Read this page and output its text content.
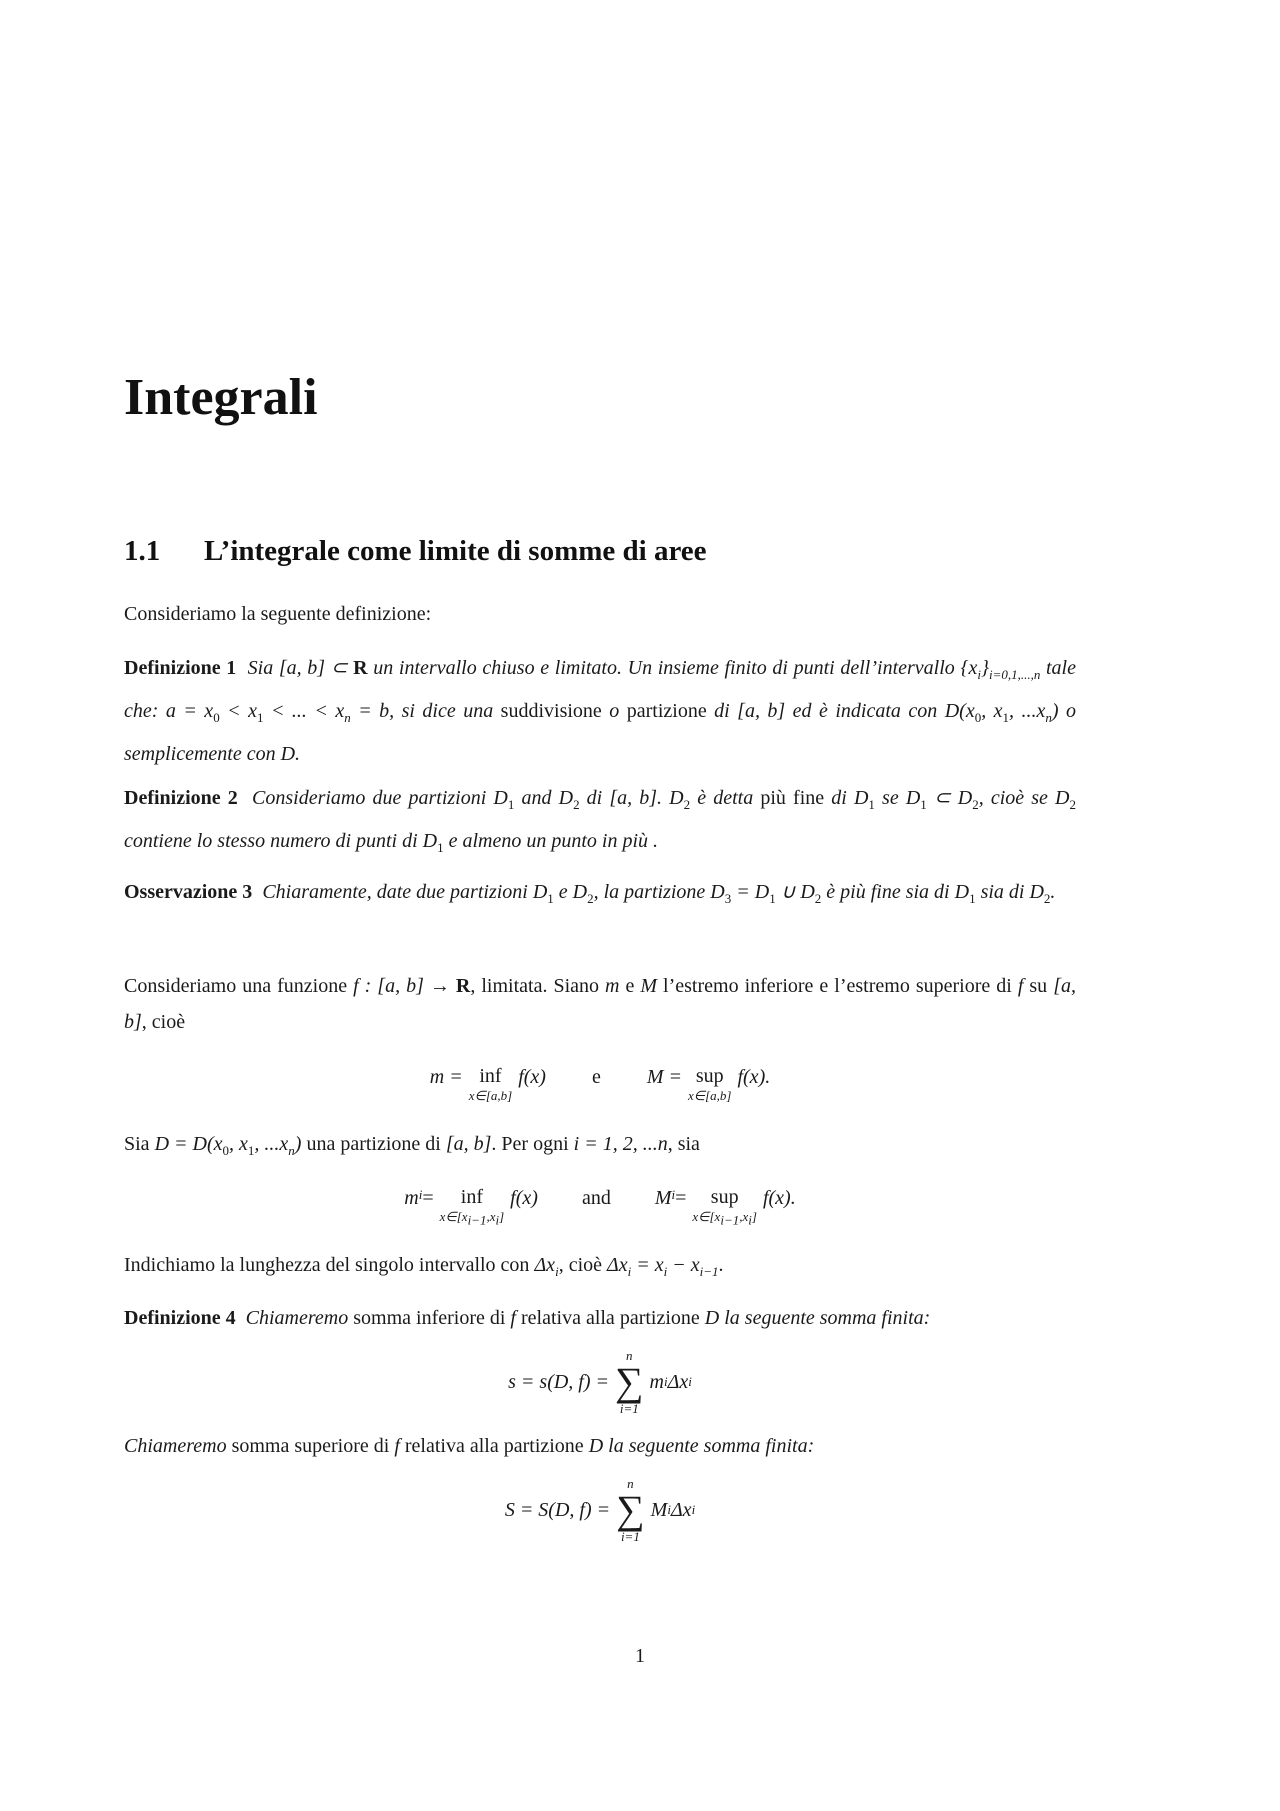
Integrali
1.1 L’integrale come limite di somme di aree

Consideriamo la seguente definizione:

Definizione 1 Sia [a, b] ⊂ R un intervallo chiuso e limitato. Un insieme finito di punti dell’intervallo $\{x_i\}_{i=0,1,...,n}$ tale che: $a = x_0 < x_1$ < ... < $x_n = b$, si dice una suddivisione o partizione di [a, b] ed è indicata con $D(x_0$, $x_1$, $...x_n$) o semplicemente con D.

Definizione 2 Consideriamo due partizioni $D_1$ and $D_2$ di [a, b]. $D_2$ è detta più fine di $D_1$ se $D_1$ ⊂ $D_2$, cioè se $D_2$ contiene lo stesso numero di punti di $D_1$ e almeno un punto in più .

Osservazione 3 Chiaramente, date due partizioni $D_1$ e $D_2$, la partizione $D_3 = D_1$ ∪ $D_2$ è più fine sia di $D_1$ sia di $D_2$.

Consideriamo una funzione f : [a, b] → R, limitata. Siano m e M l’estremo inferiore e l’estremo superiore di f su [a, b], cioè

m = inf
x∈[a,b]
f(x) e M = sup
x∈[a,b]
f(x).

Sia $D = D(x_0$, $x_1$, $...x_n$) una partizione di [a, b]. Per ogni i = 1, 2, ...n, sia

m i = inf
$x\in[x_{i-1},x_i]$
f(x) and M i = sup
$x\in[x_{i-1},x_i]$
f(x).

Indichiamo la lunghezza del singolo intervallo con $\Delta x_i$, cioè $\Delta x_i = x_i - x_{i-1}$.

Definizione 4 Chiameremo somma inferiore di f relativa alla partizione D la seguente somma finita:

s = s(D, f) =
n
∑
i=1
m i Δx i

Chiameremo somma superiore di f relativa alla partizione D la seguente somma finita:

S = S(D, f) =
n
∑
i=1
M i Δx i
1
